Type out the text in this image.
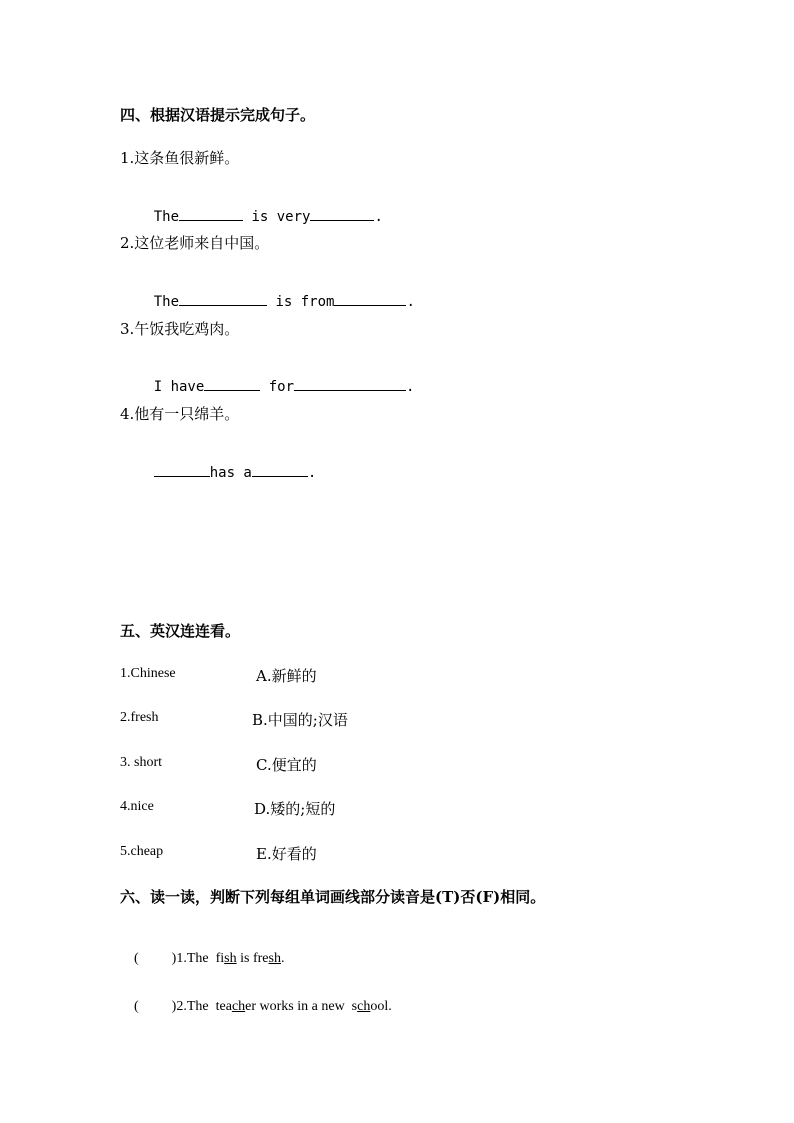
四、根据汉语提示完成句子。
1.这条鱼很新鲜。

The	is very	.

2.这位老师来自中国。

The	is from	.

3.午饭我吃鸡肉。

I have	for	.

4.他有一只绵羊。

has a	.

五、英汉连连看。
1.Chinese	A.新鲜的
2.fresh	B.中国的;汉语
3. short	C.便宜的
4.nice	D.矮的;短的
5.cheap	E.好看的
六、读一读，判断下列每组单词画线部分读音是(T)否(F)相同。

( )1.The  fish is fresh.

( )2.The  teacher works in a new  school.
